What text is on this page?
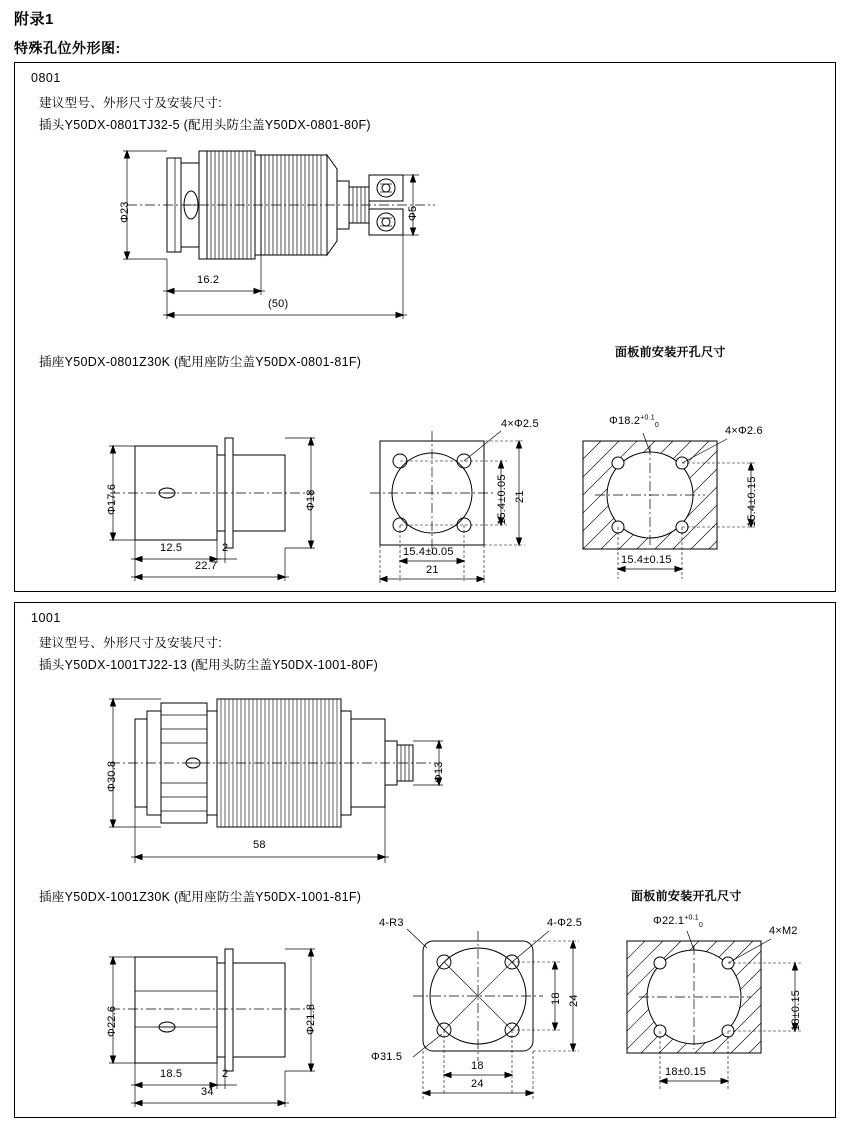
附录1
特殊孔位外形图:
0801
建议型号、外形尺寸及安装尺寸:
插头Y50DX-0801TJ32-5 (配用头防尘盖Y50DX-0801-80F)
Φ23	Φ5
16.2
(50)
插座Y50DX-0801Z30K (配用座防尘盖Y50DX-0801-81F)
面板前安装开孔尺寸
Φ17.6	Φ18
12.5	2
22.7
4×Φ2.5
15.4±0.05 21
15.4±0.05
21
$\Phi 18.2^{+0.1}_0$	4×Φ2.6
15.4±0.15
15.4±0.15
1001
建议型号、外形尺寸及安装尺寸:
插头Y50DX-1001TJ22-13 (配用头防尘盖Y50DX-1001-80F)
Φ30.8	Φ13
58
插座Y50DX-1001Z30K (配用座防尘盖Y50DX-1001-81F)	面板前安装开孔尺寸
Φ22.6	Φ21.8
18.5	2
34
4-R3	4-Φ2.5
Φ31.5
18 24
18
24
$\Phi 22.1^{+0.1}_0$	4×M2
18±0.15
18±0.15
